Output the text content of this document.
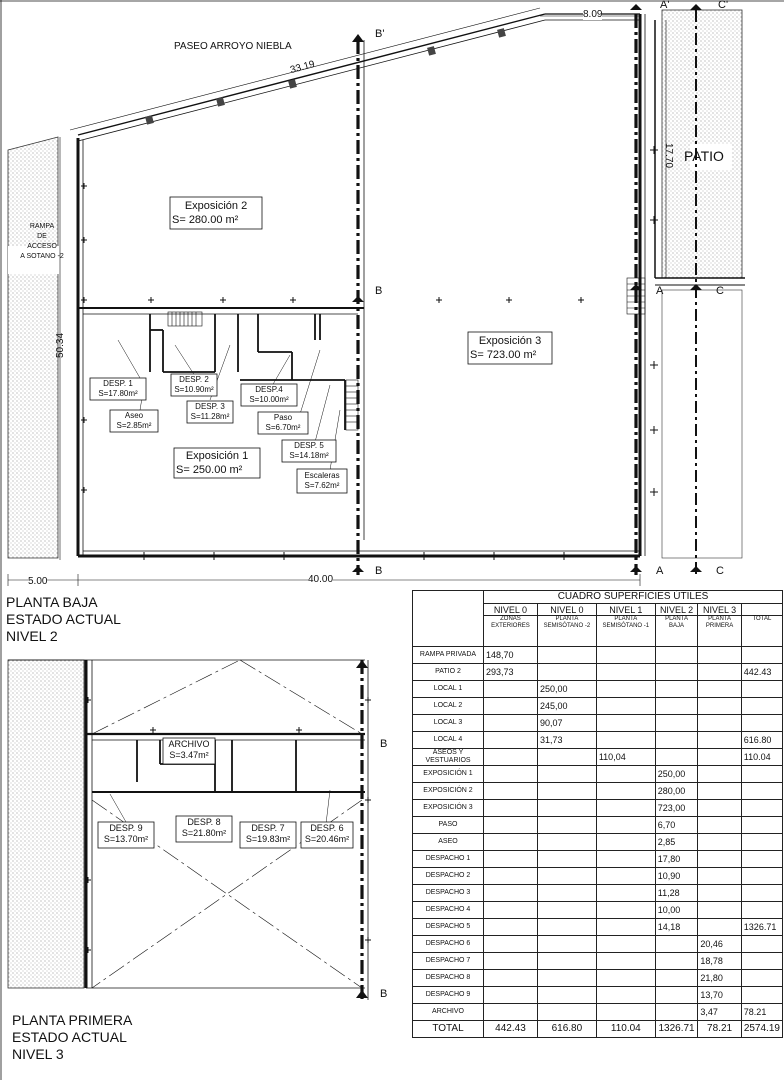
PASEO ARROYO NIEBLA
33.19
8.09
17.70
50.34
5.00	40.00
PATIO
RAMPA
DE
ACCESO
A SOTANO -2
B'
B
B
A'	C'
A	C
A	C
Exposición 2
S= 280.00 m²
Exposición 3
S= 723.00 m²
Exposición 1
S= 250.00 m²
DESP. 1
S=17.80m²
DESP. 2
S=10.90m²
DESP. 3
S=11.28m²
DESP.4
S=10.00m²
Aseo
S=2.85m²
Paso
S=6.70m²
DESP. 5
S=14.18m²
Escaleras
S=7.62m²
PLANTA BAJA
ESTADO ACTUAL
NIVEL 2
B
B
ARCHIVO
S=3.47m²
DESP. 9
S=13.70m²
DESP. 8
S=21.80m²	DESP. 7
S=19.83m²
DESP. 6
S=20.46m²
PLANTA PRIMERA
ESTADO ACTUAL
NIVEL 3
	CUADRO SUPERFICIES ÚTILES					
	NIVEL 0	NIVEL 0	NIVEL 1	NIVEL 2	NIVEL 3	
	ZONAS EXTERIORES	PLANTA SEMISÓTANO -2	PLANTA SEMISÓTANO -1	PLANTA BAJA	PLANTA PRIMERA	TOTAL
RAMPA PRIVADA	148,70					
PATIO 2	293,73					442.43
LOCAL 1		250,00				
LOCAL 2		245,00				
LOCAL 3		90,07				
LOCAL 4		31,73				616.80
ASEOS Y VESTUARIOS			110,04			110.04
EXPOSICIÓN 1				250,00		
EXPOSICIÓN 2				280,00		
EXPOSICIÓN 3				723,00		
PASO				6,70		
ASEO				2,85		
DESPACHO 1				17,80		
DESPACHO 2				10,90		
DESPACHO 3				11,28		
DESPACHO 4				10,00		
DESPACHO 5				14,18		1326.71
DESPACHO 6					20,46	
DESPACHO 7					18,78	
DESPACHO 8					21,80	
DESPACHO 9					13,70	
ARCHIVO					3,47	78.21
TOTAL	442.43	616.80	110.04	1326.71	78.21	2574.19
